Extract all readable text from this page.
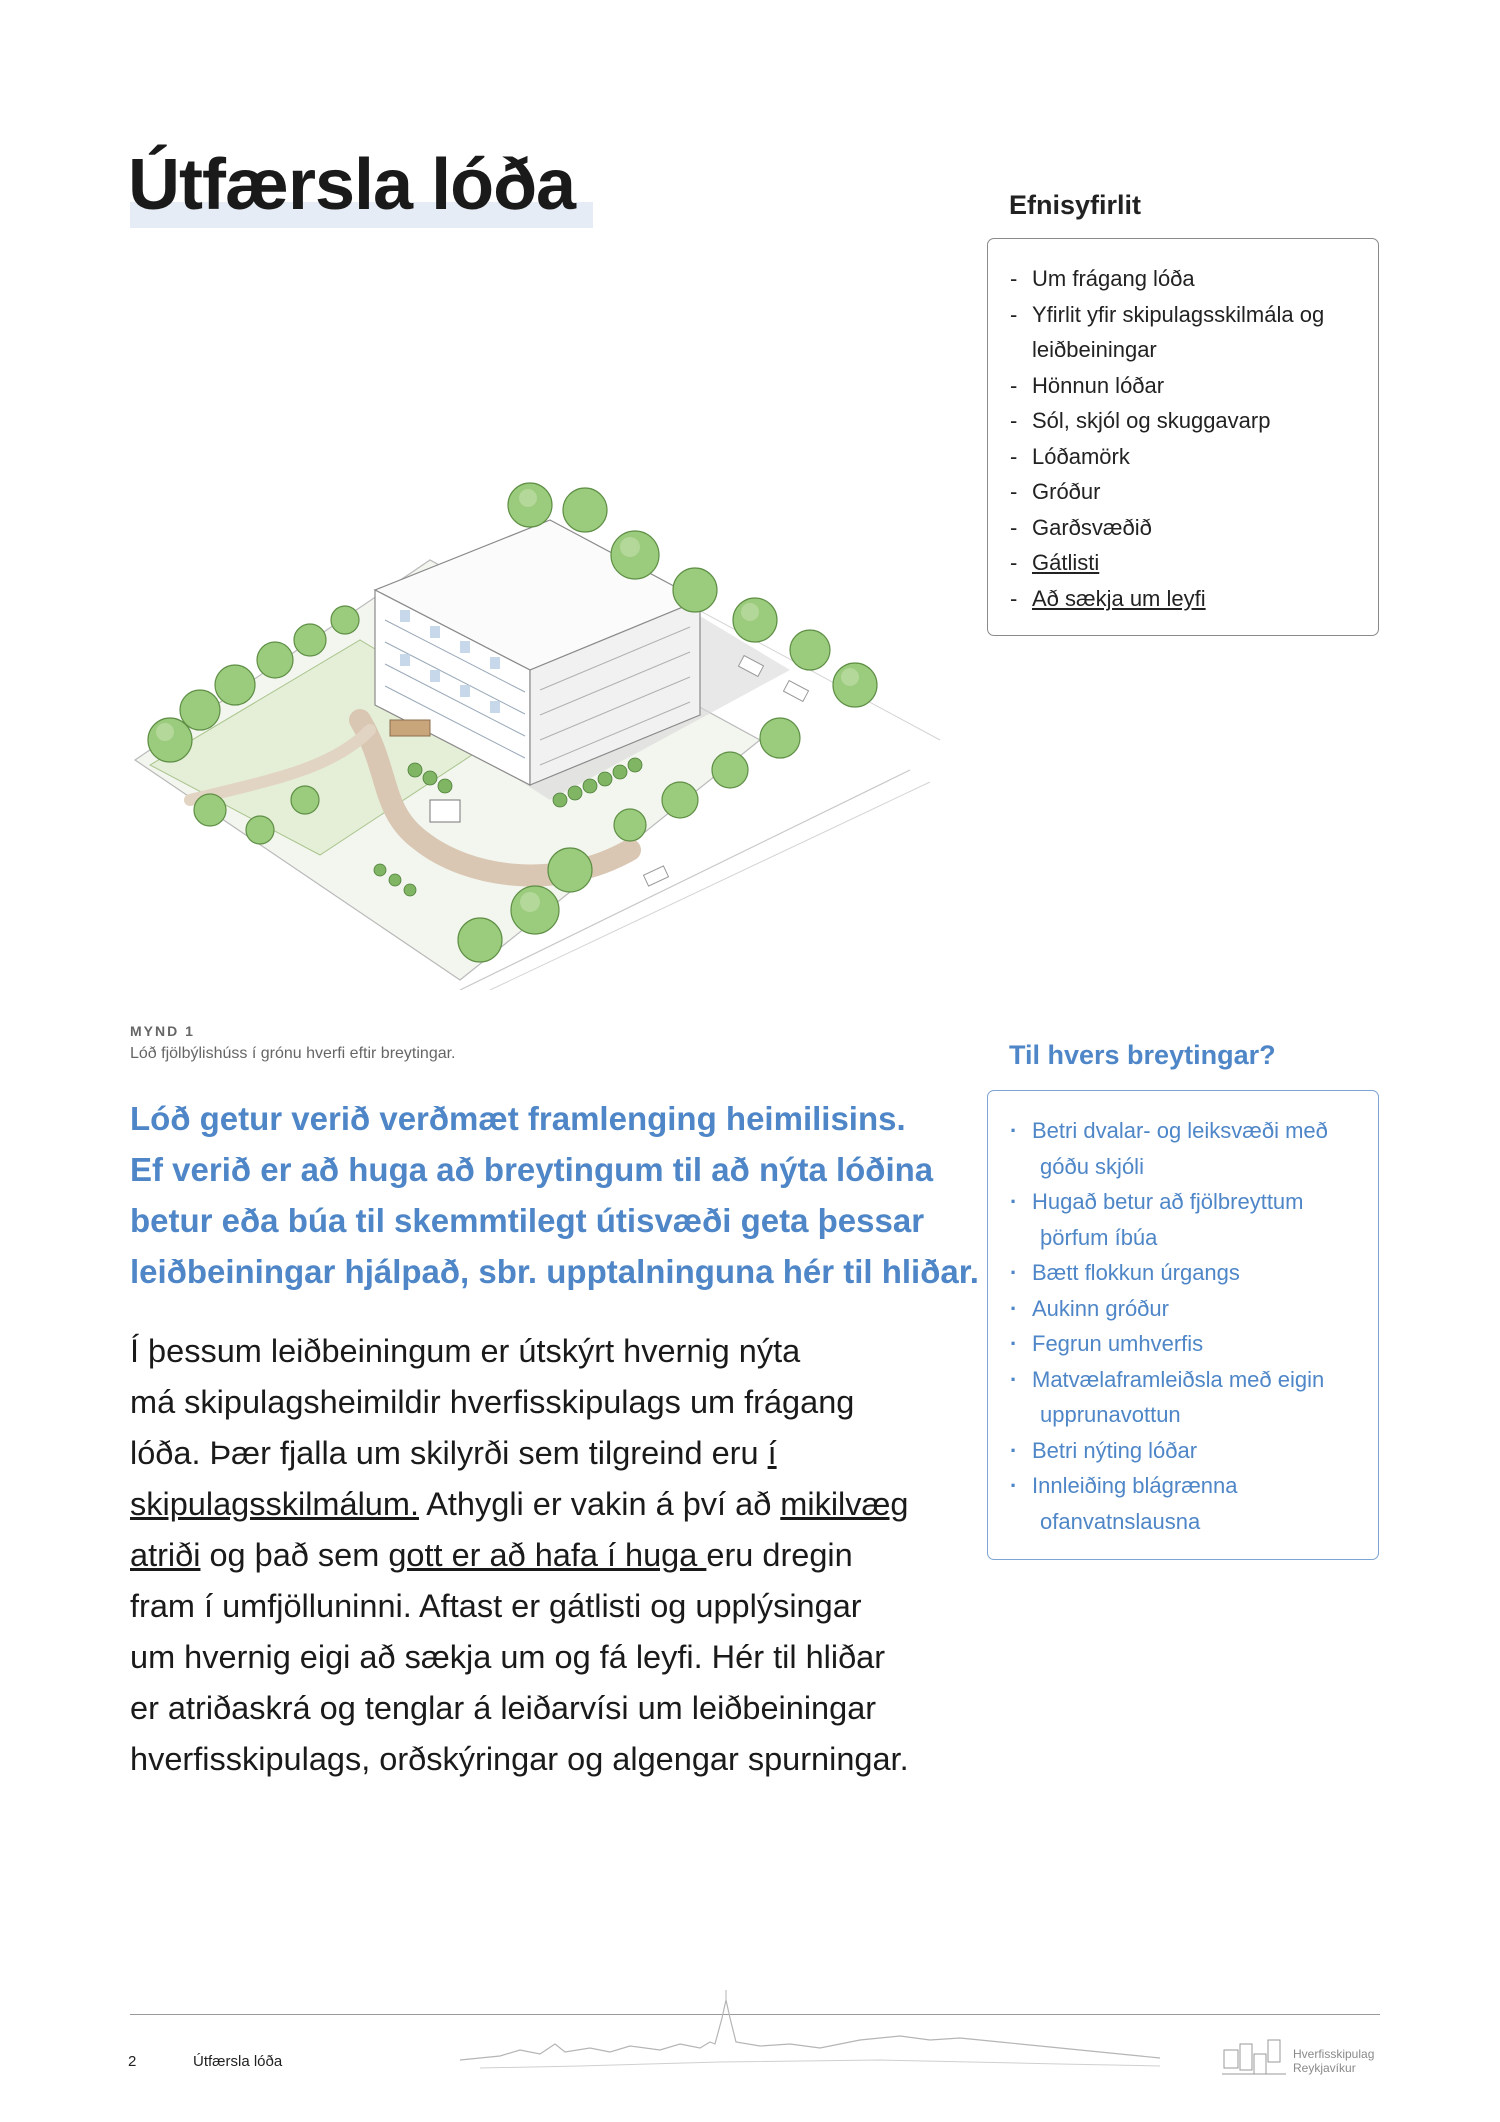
Útfærsla lóða	Efnisyfirlit
- Um frágang lóða
- Yfirlit yfir skipulagsskilmála og
leiðbeiningar
- Hönnun lóðar
- Sól, skjól og skuggavarp
- Lóðamörk
- Gróður
- Garðsvæðið
- Gátlisti
- Að sækja um leyfi
MYND 1
Lóð fjölbýlishúss í grónu hverfi eftir breytingar.
Lóð getur verið verðmæt framlenging heimilisins.
Ef verið er að huga að breytingum til að nýta lóðina
betur eða búa til skemmtilegt útisvæði geta þessar
leiðbeiningar hjálpað, sbr. upptalninguna hér til hliðar.
Í þessum leiðbeiningum er útskýrt hvernig nýta
má skipulagsheimildir hverfisskipulags um frágang
lóða. Þær fjalla um skilyrði sem tilgreind eru í
skipulagsskilmálum. Athygli er vakin á því að mikilvæg
atriði og það sem gott er að hafa í huga eru dregin
fram í umfjölluninni. Aftast er gátlisti og upplýsingar
um hvernig eigi að sækja um og fá leyfi. Hér til hliðar
er atriðaskrá og tenglar á leiðarvísi um leiðbeiningar
hverfisskipulags, orðskýringar og algengar spurningar.
Til hvers breytingar?
· Betri dvalar- og leiksvæði með
góðu skjóli
· Hugað betur að fjölbreyttum
þörfum íbúa
· Bætt flokkun úrgangs
· Aukinn gróður
· Fegrun umhverfis
· Matvælaframleiðsla með eigin
upprunavottun
· Betri nýting lóðar
· Innleiðing blágrænna
ofanvatnslausna
2	Útfærsla lóða	Hverfisskipulag
Reykjavíkur
